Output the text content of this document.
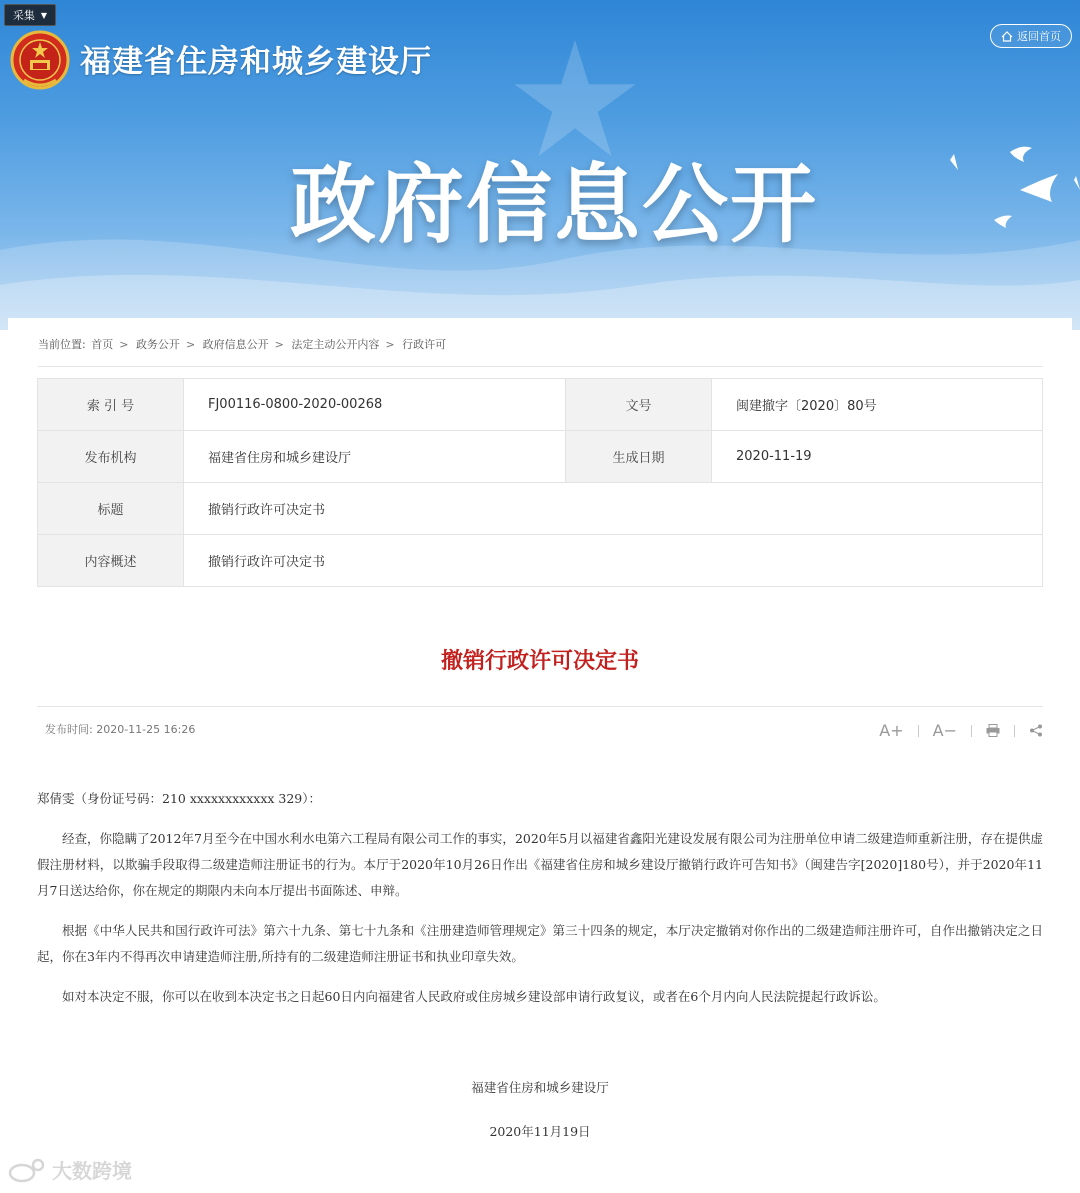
采集 ▼
福建省住房和城乡建设厅
返回首页
政府信息公开
当前位置: 首页 > 政务公开 > 政府信息公开 > 法定主动公开内容 > 行政许可
索 引 号	FJ00116-0800-2020-00268	文号	闽建撤字〔2020〕80号
发布机构	福建省住房和城乡建设厅	生成日期	2020-11-19
标题	撤销行政许可决定书		
内容概述	撤销行政许可决定书		
撤销行政许可决定书
发布时间: 2020-11-25 16:26	A+ A−

郑倩雯（身份证号码：210 xxxxxxxxxxxx 329）：

经查，你隐瞒了2012年7月至今在中国水利水电第六工程局有限公司工作的事实，2020年5月以福建省鑫阳光建设发展有限公司为注册单位申请二级建造师重新注册，存在提供虚假注册材料，以欺骗手段取得二级建造师注册证书的行为。本厅于2020年10月26日作出《福建省住房和城乡建设厅撤销行政许可告知书》（闽建告字[2020]180号），并于2020年11月7日送达给你，你在规定的期限内未向本厅提出书面陈述、申辩。

根据《中华人民共和国行政许可法》第六十九条、第七十九条和《注册建造师管理规定》第三十四条的规定，本厅决定撤销对你作出的二级建造师注册许可，自作出撤销决定之日起，你在3年内不得再次申请建造师注册,所持有的二级建造师注册证书和执业印章失效。

如对本决定不服，你可以在收到本决定书之日起60日内向福建省人民政府或住房城乡建设部申请行政复议，或者在6个月内向人民法院提起行政诉讼。

福建省住房和城乡建设厅
2020年11月19日
大数跨境
